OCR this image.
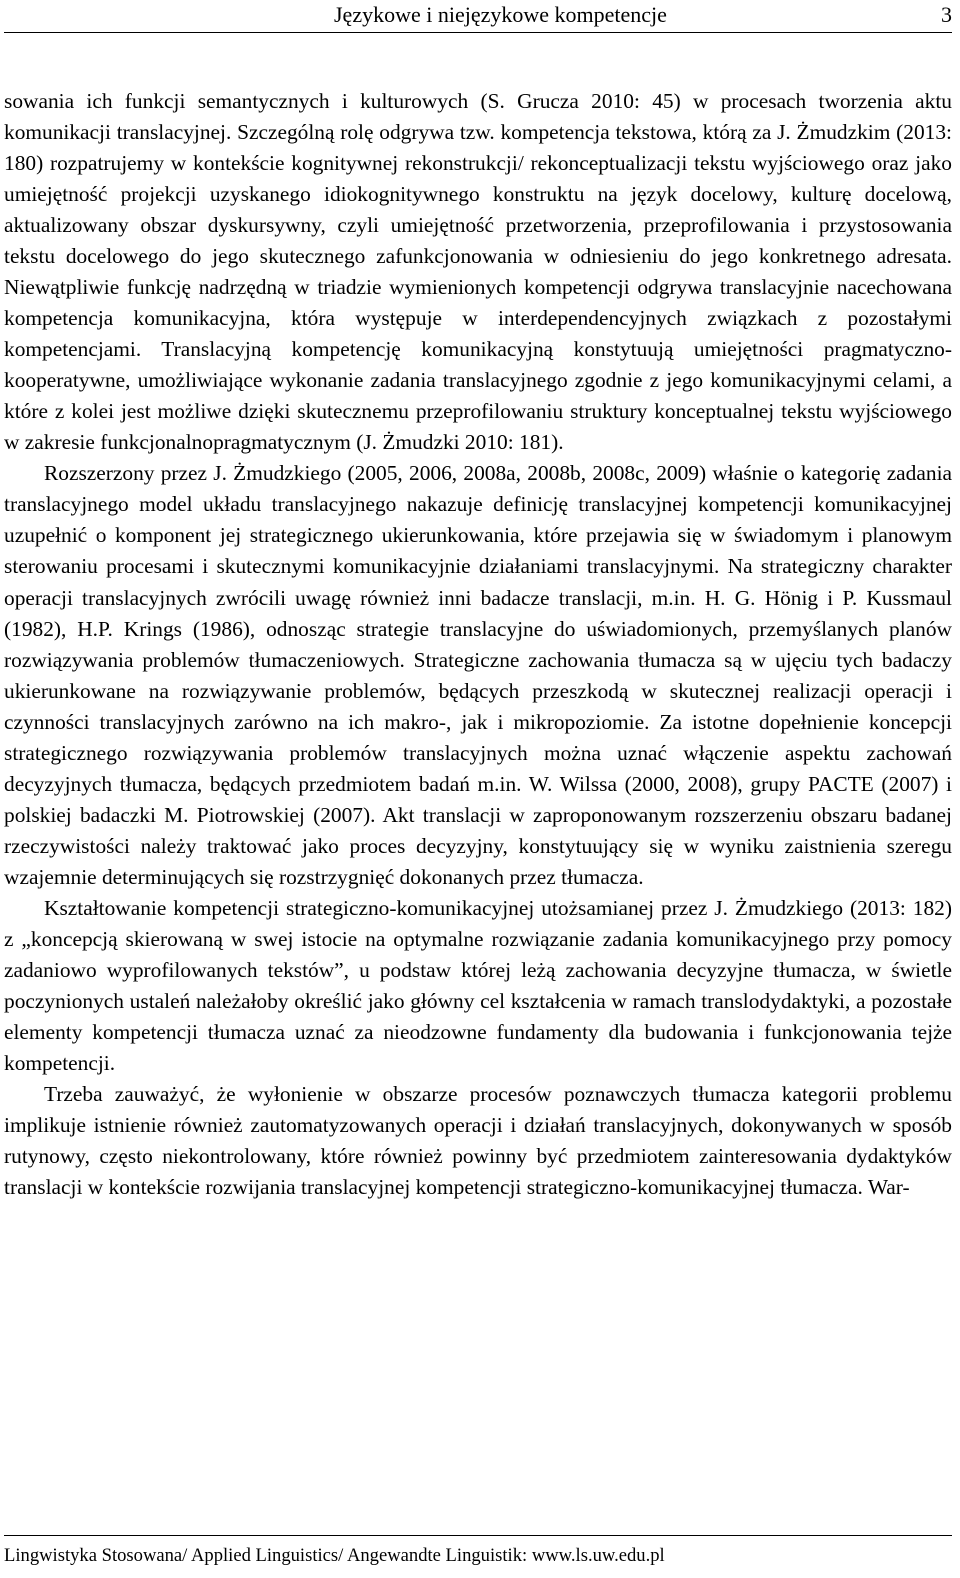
Językowe i niejęzykowe kompetencje	3

sowania ich funkcji semantycznych i kulturowych (S. Grucza 2010: 45) w procesach tworzenia aktu komunikacji translacyjnej. Szczególną rolę odgrywa tzw. kompetencja tekstowa, którą za J. Żmudzkim (2013: 180) rozpatrujemy w kontekście kognitywnej rekonstrukcji/ rekonceptualizacji tekstu wyjściowego oraz jako umiejętność projekcji uzyskanego idiokognitywnego konstruktu na język docelowy, kulturę docelową, aktualizowany obszar dyskursywny, czyli umiejętność przetworzenia, przeprofilowania i przystosowania tekstu docelowego do jego skutecznego zafunkcjonowania w odniesieniu do jego konkretnego adresata. Niewątpliwie funkcję nadrzędną w triadzie wymienionych kompetencji odgrywa translacyjnie nacechowana kompetencja komunikacyjna, która występuje w interdependencyjnych związkach z pozostałymi kompetencjami. Translacyjną kompetencję komunikacyjną konstytuują umiejętności pragmatyczno-kooperatywne, umożliwiające wykonanie zadania translacyjnego zgodnie z jego komunikacyjnymi celami, a które z kolei jest możliwe dzięki skutecznemu przeprofilowaniu struktury konceptualnej tekstu wyjściowego w zakresie funkcjonalnopragmatycznym (J. Żmudzki 2010: 181).

Rozszerzony przez J. Żmudzkiego (2005, 2006, 2008a, 2008b, 2008c, 2009) właśnie o kategorię zadania translacyjnego model układu translacyjnego nakazuje definicję translacyjnej kompetencji komunikacyjnej uzupełnić o komponent jej strategicznego ukierunkowania, które przejawia się w świadomym i planowym sterowaniu procesami i skutecznymi komunikacyjnie działaniami translacyjnymi. Na strategiczny charakter operacji translacyjnych zwrócili uwagę również inni badacze translacji, m.in. H. G. Hönig i P. Kussmaul (1982), H.P. Krings (1986), odnosząc strategie translacyjne do uświadomionych, przemyślanych planów rozwiązywania problemów tłumaczeniowych. Strategiczne zachowania tłumacza są w ujęciu tych badaczy ukierunkowane na rozwiązywanie problemów, będących przeszkodą w skutecznej realizacji operacji i czynności translacyjnych zarówno na ich makro-, jak i mikropoziomie. Za istotne dopełnienie koncepcji strategicznego rozwiązywania problemów translacyjnych można uznać włączenie aspektu zachowań decyzyjnych tłumacza, będących przedmiotem badań m.in. W. Wilssa (2000, 2008), grupy PACTE (2007) i polskiej badaczki M. Piotrowskiej (2007). Akt translacji w zaproponowanym rozszerzeniu obszaru badanej rzeczywistości należy traktować jako proces decyzyjny, konstytuujący się w wyniku zaistnienia szeregu wzajemnie determinujących się rozstrzygnięć dokonanych przez tłumacza.

Kształtowanie kompetencji strategiczno-komunikacyjnej utożsamianej przez J. Żmudzkiego (2013: 182) z „koncepcją skierowaną w swej istocie na optymalne rozwiązanie zadania komunikacyjnego przy pomocy zadaniowo wyprofilowanych tekstów”, u podstaw której leżą zachowania decyzyjne tłumacza, w świetle poczynionych ustaleń należałoby określić jako główny cel kształcenia w ramach translodydaktyki, a pozostałe elementy kompetencji tłumacza uznać za nieodzowne fundamenty dla budowania i funkcjonowania tejże kompetencji.

Trzeba zauważyć, że wyłonienie w obszarze procesów poznawczych tłumacza kategorii problemu implikuje istnienie również zautomatyzowanych operacji i działań translacyjnych, dokonywanych w sposób rutynowy, często niekontrolowany, które również powinny być przedmiotem zainteresowania dydaktyków translacji w kontekście rozwijania translacyjnej kompetencji strategiczno-komunikacyjnej tłumacza. War-

Lingwistyka Stosowana/ Applied Linguistics/ Angewandte Linguistik: www.ls.uw.edu.pl
